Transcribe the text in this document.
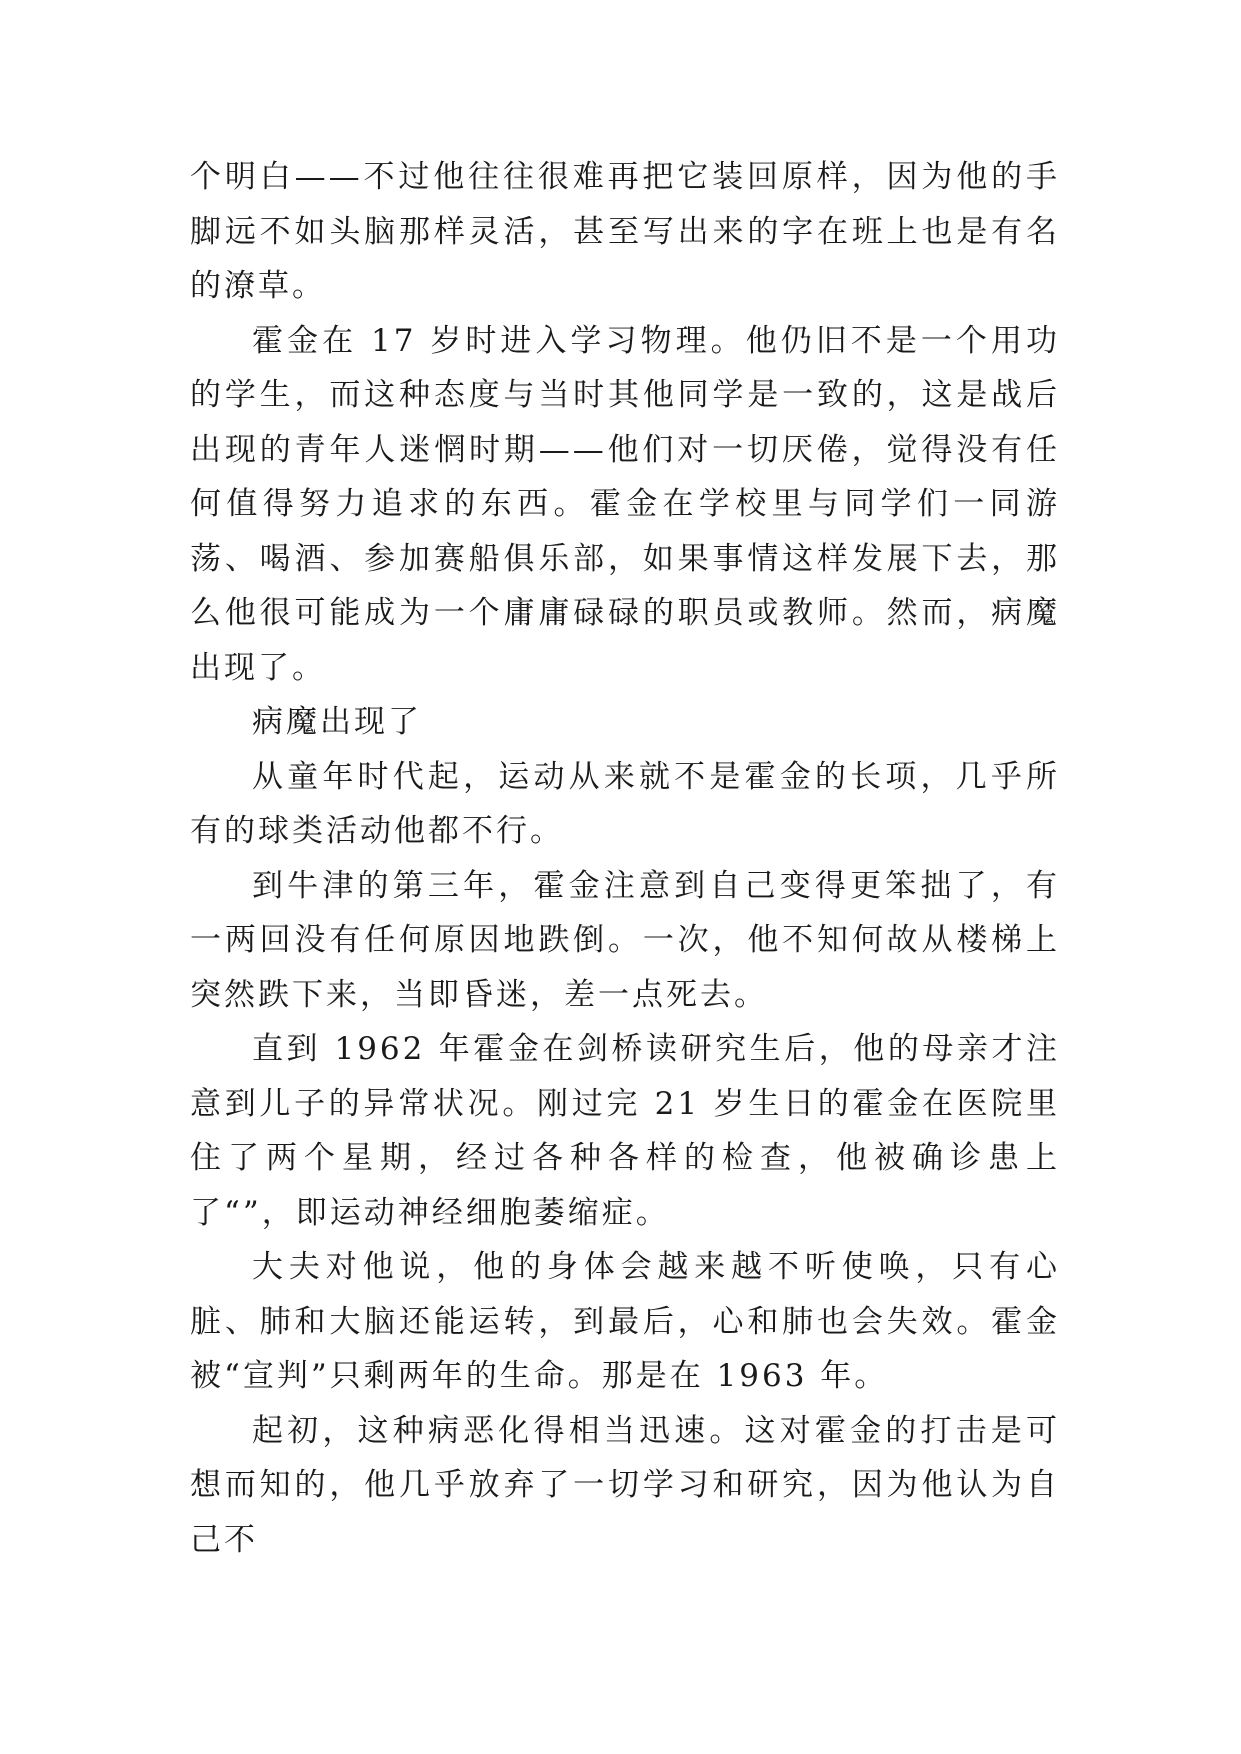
个明白——不过他往往很难再把它装回原样，因为他的手脚远不如头脑那样灵活，甚至写出来的字在班上也是有名的潦草。

霍金在 17 岁时进入学习物理。他仍旧不是一个用功的学生，而这种态度与当时其他同学是一致的，这是战后出现的青年人迷惘时期——他们对一切厌倦，觉得没有任何值得努力追求的东西。霍金在学校里与同学们一同游荡、喝酒、参加赛船俱乐部，如果事情这样发展下去，那么他很可能成为一个庸庸碌碌的职员或教师。然而，病魔出现了。

病魔出现了

从童年时代起，运动从来就不是霍金的长项，几乎所有的球类活动他都不行。

到牛津的第三年，霍金注意到自己变得更笨拙了，有一两回没有任何原因地跌倒。一次，他不知何故从楼梯上突然跌下来，当即昏迷，差一点死去。

直到 1962 年霍金在剑桥读研究生后，他的母亲才注意到儿子的异常状况。刚过完 21 岁生日的霍金在医院里住了两个星期，经过各种各样的检查，他被确诊患上了“”，即运动神经细胞萎缩症。

大夫对他说，他的身体会越来越不听使唤，只有心脏、肺和大脑还能运转，到最后，心和肺也会失效。霍金被“宣判”只剩两年的生命。那是在 1963 年。

起初，这种病恶化得相当迅速。这对霍金的打击是可想而知的，他几乎放弃了一切学习和研究，因为他认为自己不
